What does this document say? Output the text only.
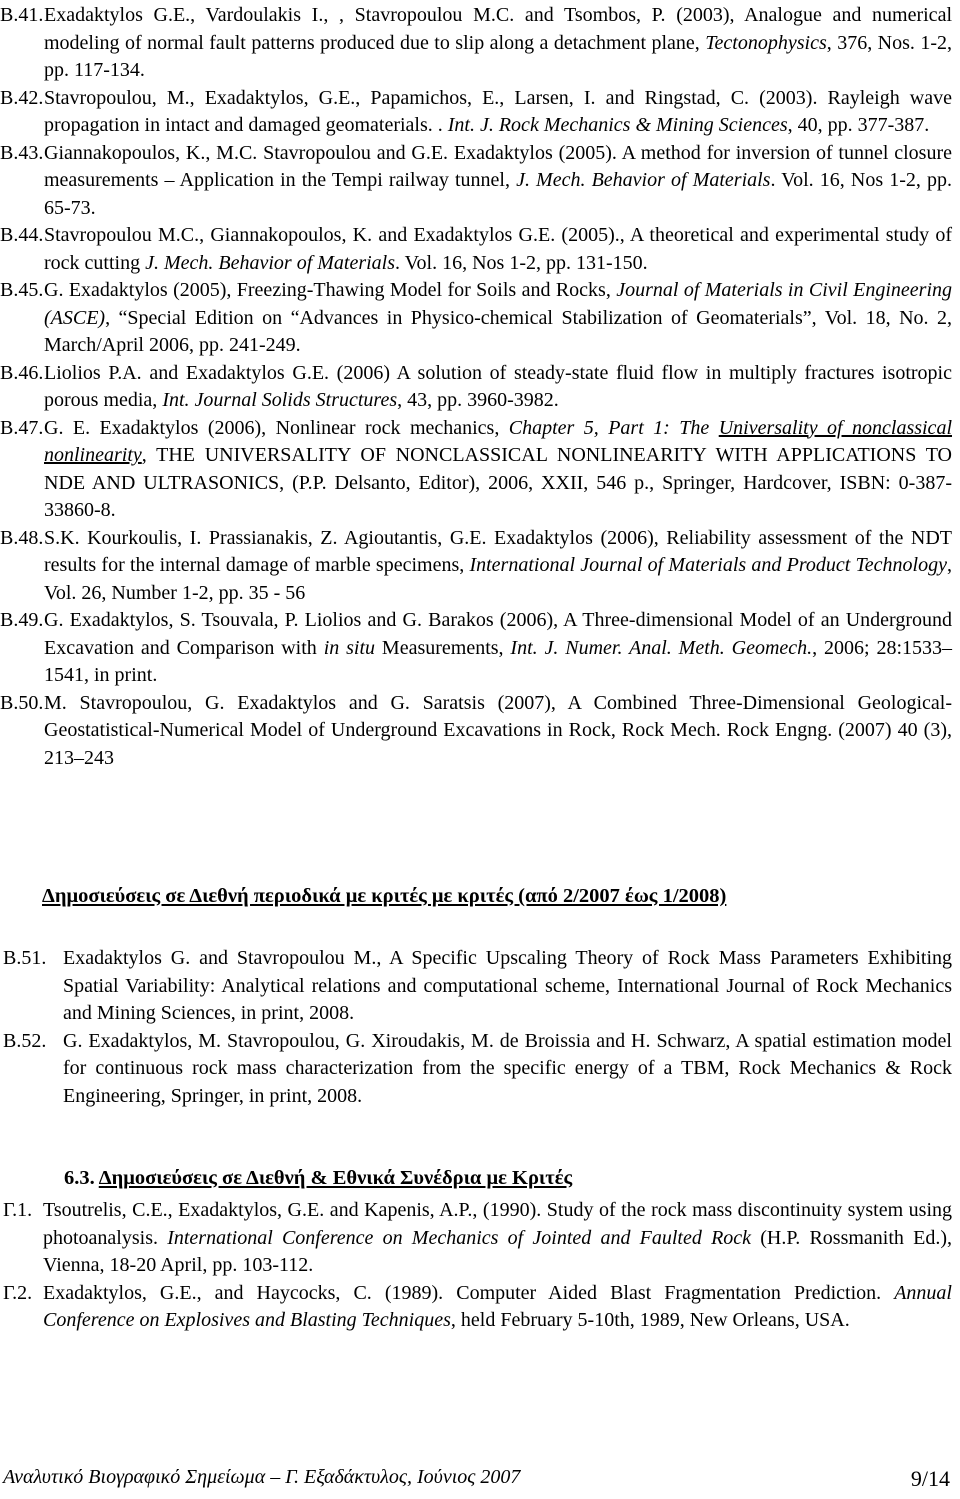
B.41. Exadaktylos G.E., Vardoulakis I., , Stavropoulou M.C. and Tsombos, P. (2003), Analogue and numerical modeling of normal fault patterns produced due to slip along a detachment plane, Tectonophysics, 376, Nos. 1-2, pp. 117-134.
B.42. Stavropoulou, M., Exadaktylos, G.E., Papamichos, E., Larsen, I. and Ringstad, C. (2003). Rayleigh wave propagation in intact and damaged geomaterials. . Int. J. Rock Mechanics & Mining Sciences, 40, pp. 377-387.
B.43. Giannakopoulos, K., M.C. Stavropoulou and G.E. Exadaktylos (2005). A method for inversion of tunnel closure measurements – Application in the Tempi railway tunnel, J. Mech. Behavior of Materials. Vol. 16, Nos 1-2, pp. 65-73.
B.44. Stavropoulou M.C., Giannakopoulos, K. and Exadaktylos G.E. (2005)., A theoretical and experimental study of rock cutting J. Mech. Behavior of Materials. Vol. 16, Nos 1-2, pp. 131-150.
B.45. G. Exadaktylos (2005), Freezing-Thawing Model for Soils and Rocks, Journal of Materials in Civil Engineering (ASCE), “Special Edition on “Advances in Physico-chemical Stabilization of Geomaterials”, Vol. 18, No. 2, March/April 2006, pp. 241-249.
B.46. Liolios P.A. and Exadaktylos G.E. (2006) A solution of steady-state fluid flow in multiply fractures isotropic porous media, Int. Journal Solids Structures, 43, pp. 3960-3982.
B.47. G. E. Exadaktylos (2006), Nonlinear rock mechanics, Chapter 5, Part 1: The Universality of nonclassical nonlinearity, THE UNIVERSALITY OF NONCLASSICAL NONLINEARITY WITH APPLICATIONS TO NDE AND ULTRASONICS, (P.P. Delsanto, Editor), 2006, XXII, 546 p., Springer, Hardcover, ISBN: 0-387-33860-8.
B.48. S.K. Kourkoulis, I. Prassianakis, Z. Agioutantis, G.E. Exadaktylos (2006), Reliability assessment of the NDT results for the internal damage of marble specimens, International Journal of Materials and Product Technology, Vol. 26, Number 1-2, pp. 35 - 56
B.49. G. Exadaktylos, S. Tsouvala, P. Liolios and G. Barakos (2006), A Three-dimensional Model of an Underground Excavation and Comparison with in situ Measurements, Int. J. Numer. Anal. Meth. Geomech., 2006; 28:1533–1541, in print.
B.50. M. Stavropoulou, G. Exadaktylos and G. Saratsis (2007), A Combined Three-Dimensional Geological-Geostatistical-Numerical Model of Underground Excavations in Rock, Rock Mech. Rock Engng. (2007) 40 (3), 213–243
Δημοσιεύσεις σε Διεθνή περιοδικά με κριτές με κριτές (από 2/2007 έως 1/2008)
B.51. Exadaktylos G. and Stavropoulou M., A Specific Upscaling Theory of Rock Mass Parameters Exhibiting Spatial Variability: Analytical relations and computational scheme, International Journal of Rock Mechanics and Mining Sciences, in print, 2008.
B.52. G. Exadaktylos, M. Stavropoulou, G. Xiroudakis, M. de Broissia and H. Schwarz, A spatial estimation model for continuous rock mass characterization from the specific energy of a TBM, Rock Mechanics & Rock Engineering, Springer, in print, 2008.
6.3. Δημοσιεύσεις σε Διεθνή & Εθνικά Συνέδρια με Κριτές
Γ.1. Tsoutrelis, C.E., Exadaktylos, G.E. and Kapenis, A.P., (1990). Study of the rock mass discontinuity system using photoanalysis. International Conference on Mechanics of Jointed and Faulted Rock (H.P. Rossmanith Ed.), Vienna, 18-20 April, pp. 103-112.
Γ.2. Exadaktylos, G.E., and Haycocks, C. (1989). Computer Aided Blast Fragmentation Prediction. Annual Conference on Explosives and Blasting Techniques, held February 5-10th, 1989, New Orleans, USA.
Αναλυτικό Βιογραφικό Σημείωμα – Γ. Εξαδάκτυλος, Ιούνιος 2007	9/14
